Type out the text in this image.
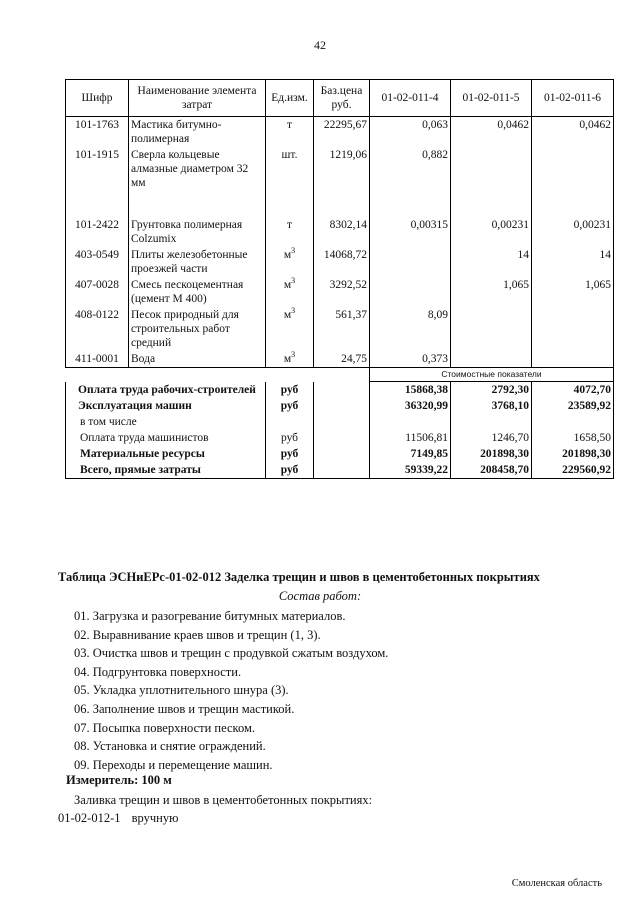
42
Шифр	Наименование элемента затрат	Ед.изм.	Баз.цена руб.	01-02-011-4	01-02-011-5	01-02-011-6
101-1763	Мастика битумно-полимерная	т	22295,67	0,063	0,0462	0,0462
101-1915	Сверла кольцевые алмазные диаметром 32 мм	шт.	1219,06	0,882		
101-2422	Грунтовка полимерная Colzumix	т	8302,14	0,00315	0,00231	0,00231
403-0549	Плиты железобетонные проезжей части	$м^3$	14068,72		14	14
407-0028	Смесь пескоцементная (цемент М 400)	$м^3$	3292,52		1,065	1,065
408-0122	Песок природный для строительных работ средний	$м^3$	561,37	8,09		
411-0001	Вода	$м^3$	24,75	0,373		
				Стоимостные показатели		
Оплата труда рабочих-строителей		руб		15868,38	2792,30	4072,70
Эксплуатация машин		руб		36320,99	3768,10	23589,92
в том числе						
Оплата труда машинистов		руб		11506,81	1246,70	1658,50
Материальные ресурсы		руб		7149,85	201898,30	201898,30
Всего, прямые затраты		руб		59339,22	208458,70	229560,92
Таблица ЭСНиЕРс-01-02-012 Заделка трещин и швов в цементобетонных покрытиях
Состав работ:
01. Загрузка и разогревание битумных материалов.
02. Выравнивание краев швов и трещин (1, 3).
03. Очистка швов и трещин с продувкой сжатым воздухом.
04. Подгрунтовка поверхности.
05. Укладка уплотнительного шнура (3).
06. Заполнение швов и трещин мастикой.
07. Посыпка поверхности песком.
08. Установка и снятие ограждений.
09. Переходы и перемещение машин.
Измеритель: 100 м
Заливка трещин и швов в цементобетонных покрытиях:
01-02-012-1 вручную
Смоленская область
